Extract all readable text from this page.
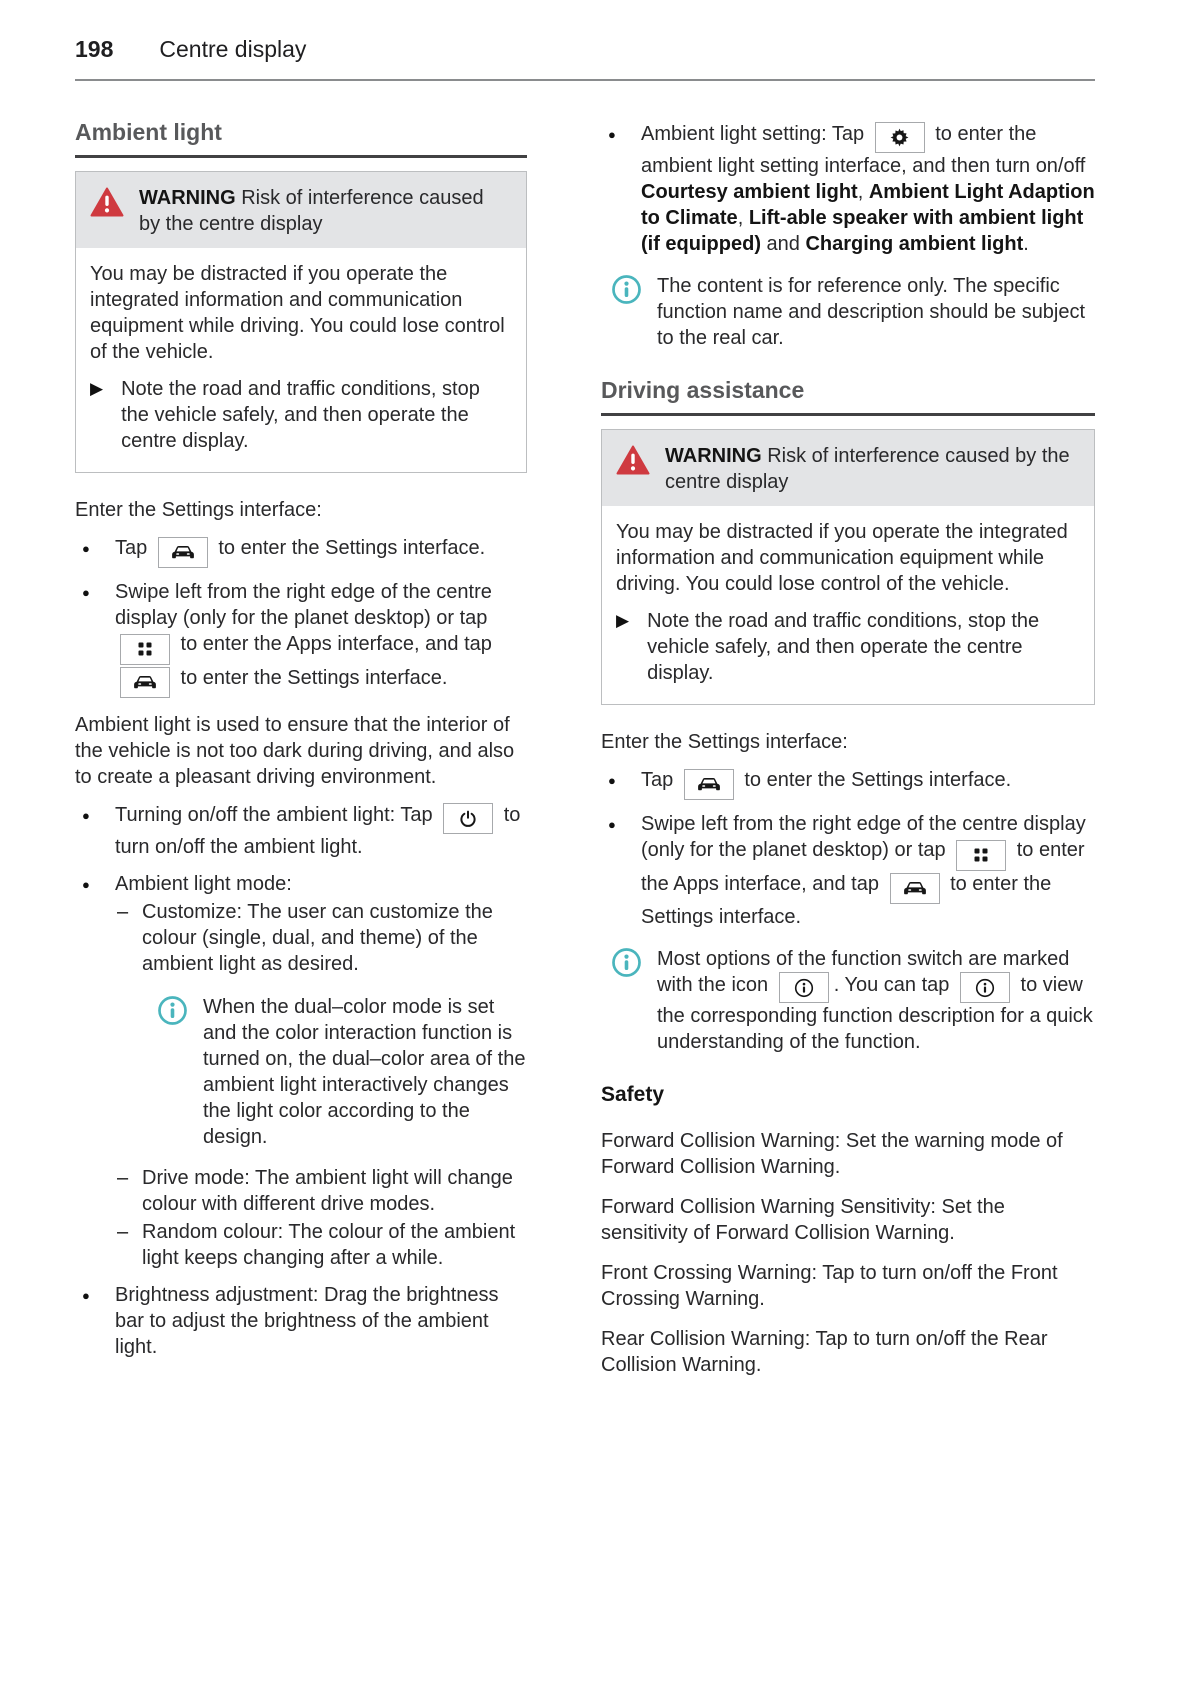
198 Centre display
Ambient light

WARNING Risk of interference caused by the centre display

You may be distracted if you operate the integrated information and communication equipment while driving. You could lose control of the vehicle.

▶ Note the road and traffic conditions, stop the vehicle safely, and then operate the centre display.

Enter the Settings interface:

● Tap	to enter the Settings interface.
● Swipe left from the right edge of the centre display (only for the planet desktop) or tap
to enter the Apps interface, and tap
to enter the Settings interface.

Ambient light is used to ensure that the interior of the vehicle is not too dark during driving, and also to create a pleasant driving environment.

● Turning on/off the ambient light: Tap	to turn on/off the ambient light.
● Ambient light mode:
– Customize: The user can customize the colour (single, dual, and theme) of the ambient light as desired.

When the dual–color mode is set and the color interaction function is turned on, the dual–color area of the ambient light interactively changes the light color according to the design.

– Drive mode: The ambient light will change colour with different drive modes.
– Random colour: The colour of the ambient light keeps changing after a while.
● Brightness adjustment: Drag the brightness bar to adjust the brightness of the ambient light.
● Ambient light setting: Tap	to enter the ambient light setting interface, and then turn on/off Courtesy ambient light, Ambient Light Adaption to Climate, Lift-able speaker with ambient light (if equipped) and Charging ambient light.

The content is for reference only. The specific function name and description should be subject to the real car.

Driving assistance

WARNING Risk of interference caused by the centre display

You may be distracted if you operate the integrated information and communication equipment while driving. You could lose control of the vehicle.

▶ Note the road and traffic conditions, stop the vehicle safely, and then operate the centre display.

Enter the Settings interface:

● Tap	to enter the Settings interface.
● Swipe left from the right edge of the centre display (only for the planet desktop) or tap	to enter the Apps interface, and tap	to enter the Settings interface.

Most options of the function switch are marked with the icon	. You can tap	to view the corresponding function description for a quick understanding of the function.

Safety

Forward Collision Warning: Set the warning mode of Forward Collision Warning.

Forward Collision Warning Sensitivity: Set the sensitivity of Forward Collision Warning.

Front Crossing Warning: Tap to turn on/off the Front Crossing Warning.

Rear Collision Warning: Tap to turn on/off the Rear Collision Warning.
